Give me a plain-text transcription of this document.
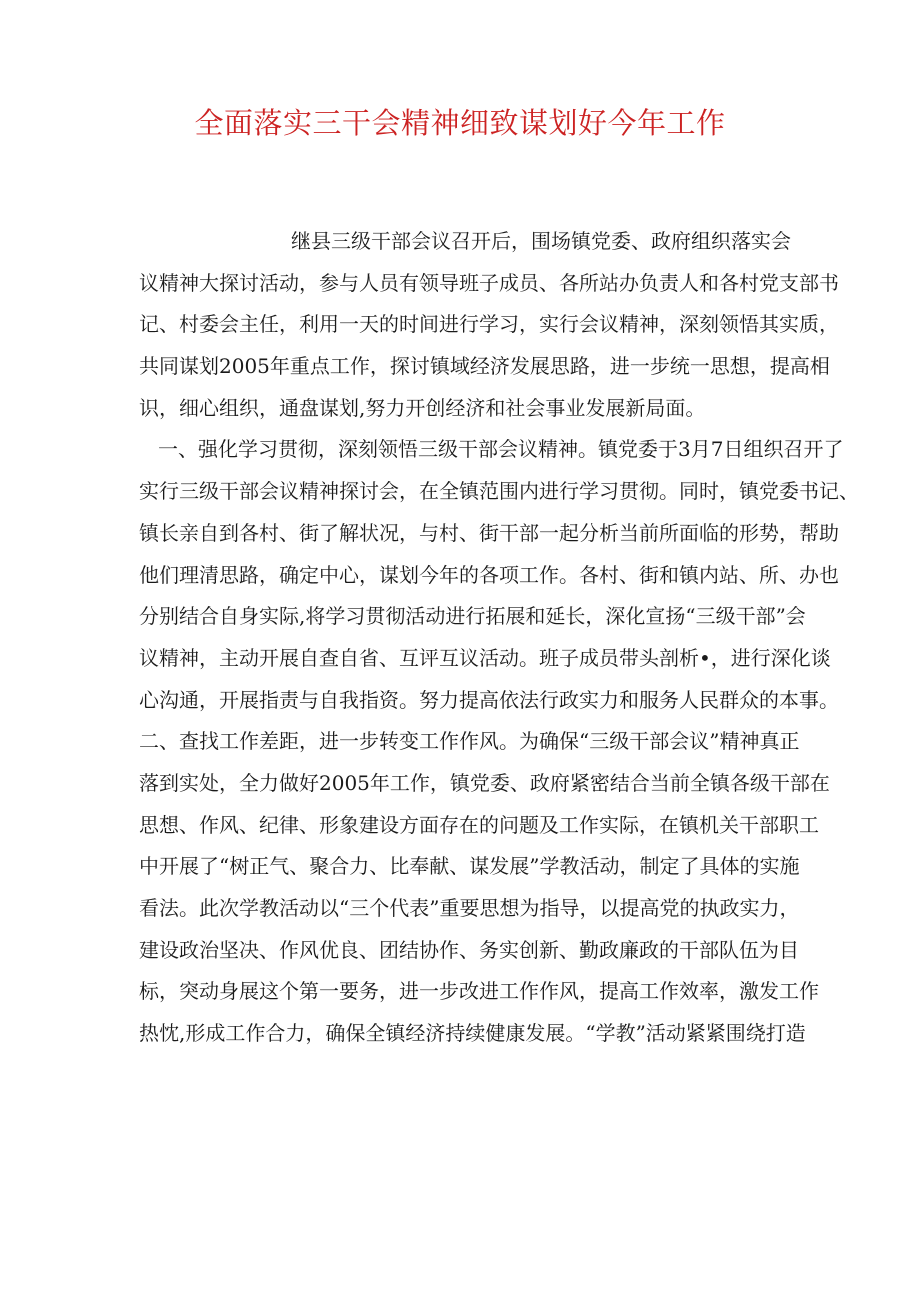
全面落实三干会精神细致谋划好今年工作
继县三级干部会议召开后，围场镇党委、政府组织落实会
议精神大探讨活动，参与人员有领导班子成员、各所站办负责人和各村党支部书
记、村委会主任，利用一天的时间进行学习，实行会议精神，深刻领悟其实质，
共同谋划2005年重点工作，探讨镇域经济发展思路，进一步统一思想，提高相
识，细心组织，通盘谋划,努力开创经济和社会事业发展新局面。
一、强化学习贯彻，深刻领悟三级干部会议精神。镇党委于3月7日组织召开了
实行三级干部会议精神探讨会，在全镇范围内进行学习贯彻。同时，镇党委书记、
镇长亲自到各村、街了解状况，与村、街干部一起分析当前所面临的形势，帮助
他们理清思路，确定中心，谋划今年的各项工作。各村、街和镇内站、所、办也
分别结合自身实际,将学习贯彻活动进行拓展和延长，深化宣扬“三级干部”会
议精神，主动开展自查自省、互评互议活动。班子成员带头剖析•，进行深化谈
心沟通，开展指责与自我指资。努力提高依法行政实力和服务人民群众的本事。
二、查找工作差距，进一步转变工作作风。为确保“三级干部会议”精神真正
落到实处，全力做好2005年工作，镇党委、政府紧密结合当前全镇各级干部在
思想、作风、纪律、形象建设方面存在的问题及工作实际，在镇机关干部职工
中开展了“树正气、聚合力、比奉献、谋发展”学教活动，制定了具体的实施
看法。此次学教活动以“三个代表”重要思想为指导，以提高党的执政实力，
建设政治坚决、作风优良、团结协作、务实创新、勤政廉政的干部队伍为目
标，突动身展这个第一要务，进一步改进工作作风，提高工作效率，激发工作
热忱,形成工作合力，确保全镇经济持续健康发展。“学教”活动紧紧围绕打造
